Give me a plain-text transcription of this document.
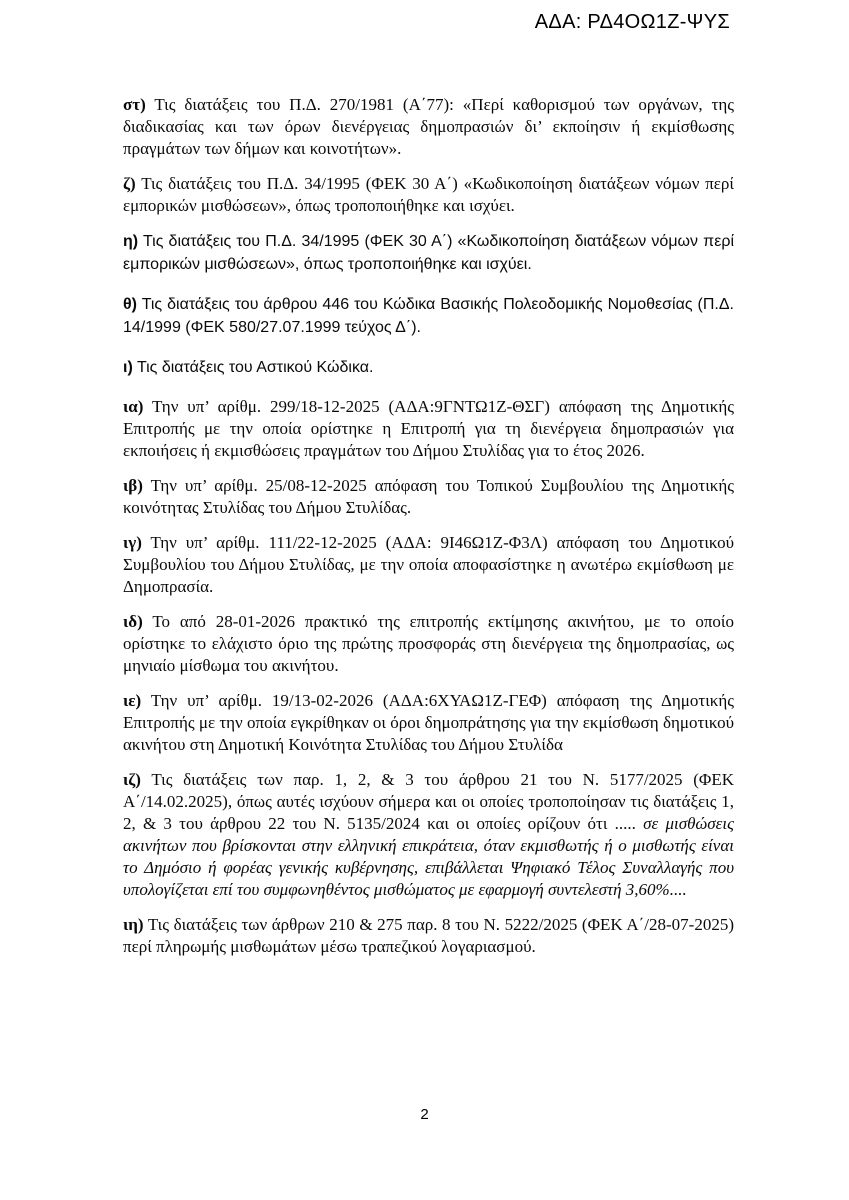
ΑΔΑ: ΡΔ4ΟΩ1Ζ-ΨΥΣ

στ) Τις διατάξεις του Π.Δ. 270/1981 (Α΄77): «Περί καθορισμού των οργάνων, της διαδικασίας και των όρων διενέργειας δημοπρασιών δι’ εκποίησιν ή εκμίσθωσης πραγμάτων των δήμων και κοινοτήτων».

ζ) Τις διατάξεις του Π.Δ. 34/1995 (ΦΕΚ 30 Α΄) «Κωδικοποίηση διατάξεων νόμων περί εμπορικών μισθώσεων», όπως τροποποιήθηκε και ισχύει.

η) Τις διατάξεις του Π.Δ. 34/1995 (ΦΕΚ 30 Α΄) «Κωδικοποίηση διατάξεων νόμων περί εμπορικών μισθώσεων», όπως τροποποιήθηκε και ισχύει.

θ) Τις διατάξεις του άρθρου 446 του Κώδικα Βασικής Πολεοδομικής Νομοθεσίας (Π.Δ. 14/1999 (ΦΕΚ 580/27.07.1999 τεύχος Δ΄).

ι) Τις διατάξεις του Αστικού Κώδικα.

ια) Την υπ’ αρίθμ. 299/18-12-2025 (ΑΔΑ:9ΓΝΤΩ1Ζ-ΘΣΓ) απόφαση της Δημοτικής Επιτροπής με την οποία ορίστηκε η Επιτροπή για τη διενέργεια δημοπρασιών για εκποιήσεις ή εκμισθώσεις πραγμάτων του Δήμου Στυλίδας για το έτος 2026.

ιβ) Την υπ’ αρίθμ. 25/08-12-2025 απόφαση του Τοπικού Συμβουλίου της Δημοτικής κοινότητας Στυλίδας του Δήμου Στυλίδας.

ιγ) Την υπ’ αρίθμ. 111/22-12-2025 (ΑΔΑ: 9Ι46Ω1Ζ-Φ3Λ) απόφαση του Δημοτικού Συμβουλίου του Δήμου Στυλίδας, με την οποία αποφασίστηκε η ανωτέρω εκμίσθωση με Δημοπρασία.

ιδ) Το από 28-01-2026 πρακτικό της επιτροπής εκτίμησης ακινήτου, με το οποίο ορίστηκε το ελάχιστο όριο της πρώτης προσφοράς στη διενέργεια της δημοπρασίας, ως μηνιαίο μίσθωμα του ακινήτου.

ιε) Την υπ’ αρίθμ. 19/13-02-2026 (ΑΔΑ:6ΧΥΑΩ1Ζ-ΓΕΦ) απόφαση της Δημοτικής Επιτροπής με την οποία εγκρίθηκαν οι όροι δημοπράτησης για την εκμίσθωση δημοτικού ακινήτου στη Δημοτική Κοινότητα Στυλίδας του Δήμου Στυλίδα

ιζ) Τις διατάξεις των παρ. 1, 2, & 3 του άρθρου 21 του Ν. 5177/2025 (ΦΕΚ Α΄/14.02.2025), όπως αυτές ισχύουν σήμερα και οι οποίες τροποποίησαν τις διατάξεις 1, 2, & 3 του άρθρου 22 του Ν. 5135/2024 και οι οποίες ορίζουν ότι ..... σε μισθώσεις ακινήτων που βρίσκονται στην ελληνική επικράτεια, όταν εκμισθωτής ή ο μισθωτής είναι το Δημόσιο ή φορέας γενικής κυβέρνησης, επιβάλλεται Ψηφιακό Τέλος Συναλλαγής που υπολογίζεται επί του συμφωνηθέντος μισθώματος με εφαρμογή συντελεστή 3,60%....

ιη) Τις διατάξεις των άρθρων 210 & 275 παρ. 8 του Ν. 5222/2025 (ΦΕΚ Α΄/28-07-2025) περί πληρωμής μισθωμάτων μέσω τραπεζικού λογαριασμού.

2
